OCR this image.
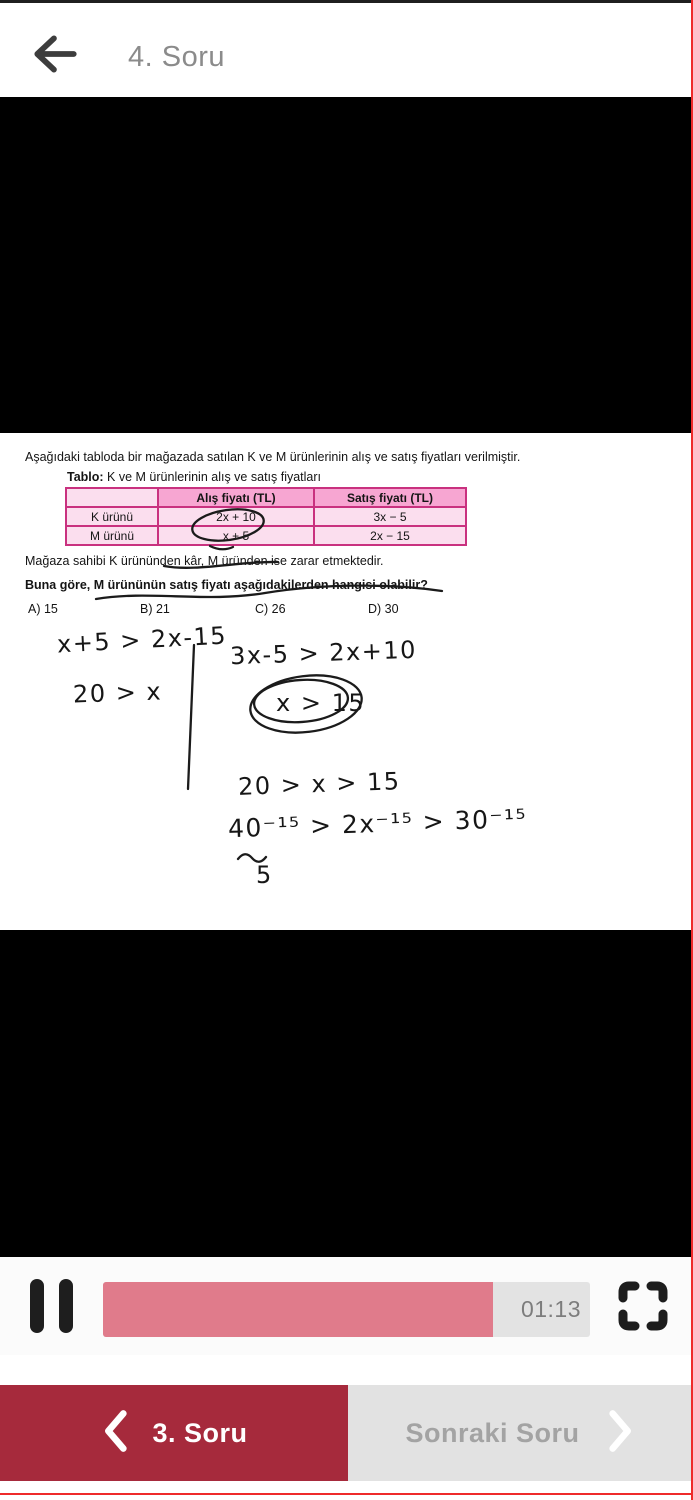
4. Soru
Aşağıdaki tabloda bir mağazada satılan K ve M ürünlerinin alış ve satış fiyatları verilmiştir.
Tablo: K ve M ürünlerinin alış ve satış fiyatları
	Alış fiyatı (TL)	Satış fiyatı (TL)
K ürünü	2x + 10	3x − 5
M ürünü	x + 5	2x − 15
Mağaza sahibi K ürününden kâr, M üründen ise zarar etmektedir.
Buna göre, M ürününün satış fiyatı aşağıdakilerden hangisi olabilir?
A) 15	B) 21	C) 26	D) 30
x+5 > 2x-15
20 > x
3x-5 > 2x+10
x > 15
20 > x > 15
40⁻¹⁵ > 2x⁻¹⁵ > 30⁻¹⁵
5
01:13
3. Soru	Sonraki Soru
